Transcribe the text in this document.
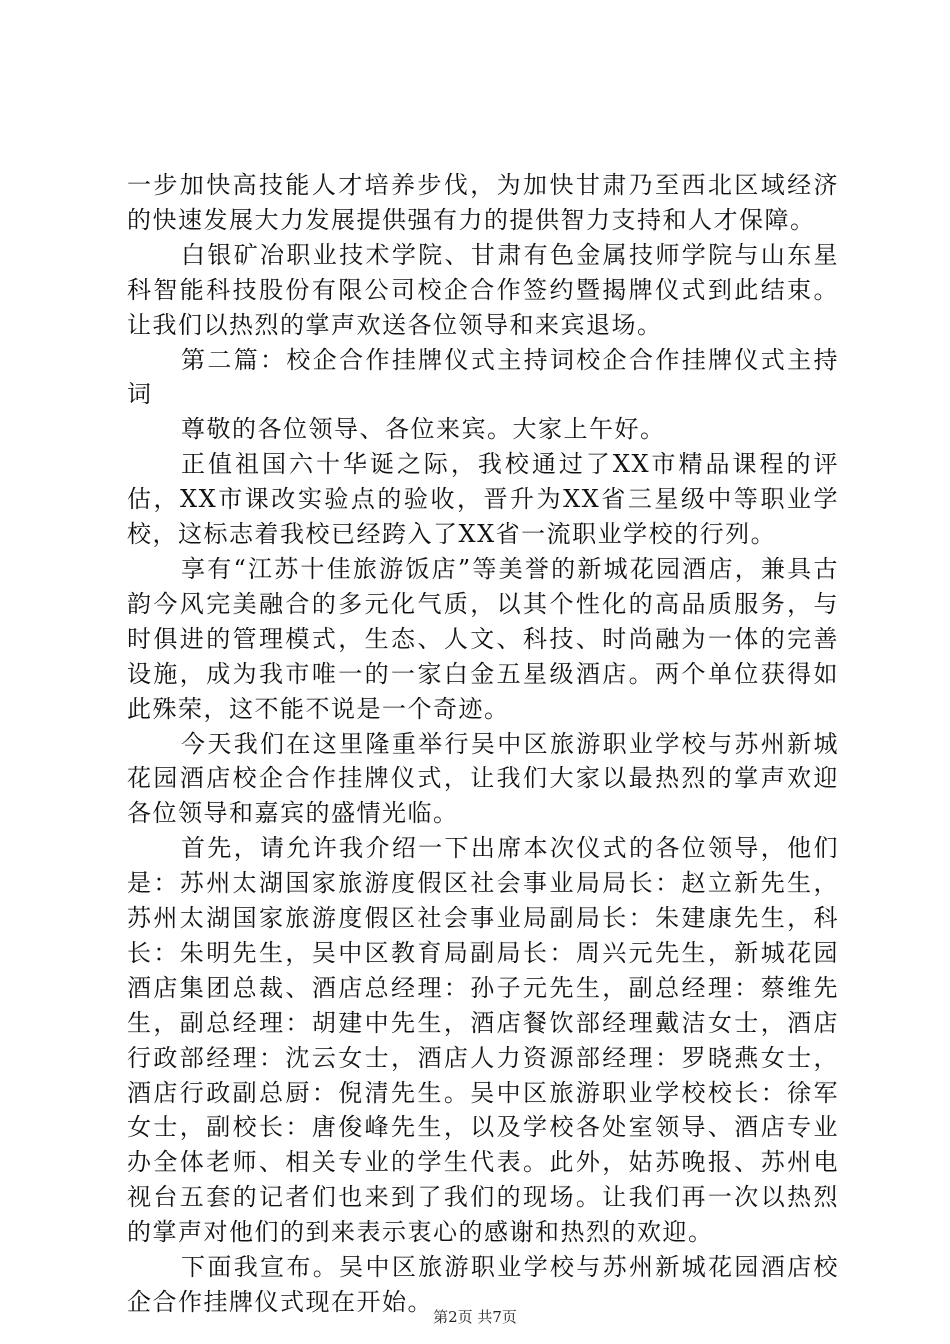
一步加快高技能人才培养步伐，为加快甘肃乃至西北区域经济的快速发展大力发展提供强有力的提供智力支持和人才保障。

白银矿冶职业技术学院、甘肃有色金属技师学院与山东星科智能科技股份有限公司校企合作签约暨揭牌仪式到此结束。让我们以热烈的掌声欢送各位领导和来宾退场。

第二篇：校企合作挂牌仪式主持词校企合作挂牌仪式主持词

尊敬的各位领导、各位来宾。大家上午好。

正值祖国六十华诞之际，我校通过了XX市精品课程的评估，XX市课改实验点的验收，晋升为XX省三星级中等职业学校，这标志着我校已经跨入了XX省一流职业学校的行列。

享有“江苏十佳旅游饭店”等美誉的新城花园酒店，兼具古韵今风完美融合的多元化气质，以其个性化的高品质服务，与时俱进的管理模式，生态、人文、科技、时尚融为一体的完善设施，成为我市唯一的一家白金五星级酒店。两个单位获得如此殊荣，这不能不说是一个奇迹。

今天我们在这里隆重举行吴中区旅游职业学校与苏州新城花园酒店校企合作挂牌仪式，让我们大家以最热烈的掌声欢迎各位领导和嘉宾的盛情光临。

首先，请允许我介绍一下出席本次仪式的各位领导，他们是：苏州太湖国家旅游度假区社会事业局局长：赵立新先生，苏州太湖国家旅游度假区社会事业局副局长：朱建康先生，科长：朱明先生，吴中区教育局副局长：周兴元先生，新城花园酒店集团总裁、酒店总经理：孙子元先生，副总经理：蔡维先生，副总经理：胡建中先生，酒店餐饮部经理戴洁女士，酒店行政部经理：沈云女士，酒店人力资源部经理：罗晓燕女士，酒店行政副总厨：倪清先生。吴中区旅游职业学校校长：徐军女士，副校长：唐俊峰先生，以及学校各处室领导、酒店专业办全体老师、相关专业的学生代表。此外，姑苏晚报、苏州电视台五套的记者们也来到了我们的现场。让我们再一次以热烈的掌声对他们的到来表示衷心的感谢和热烈的欢迎。

下面我宣布。吴中区旅游职业学校与苏州新城花园酒店校企合作挂牌仪式现在开始。

第2页 共7页
